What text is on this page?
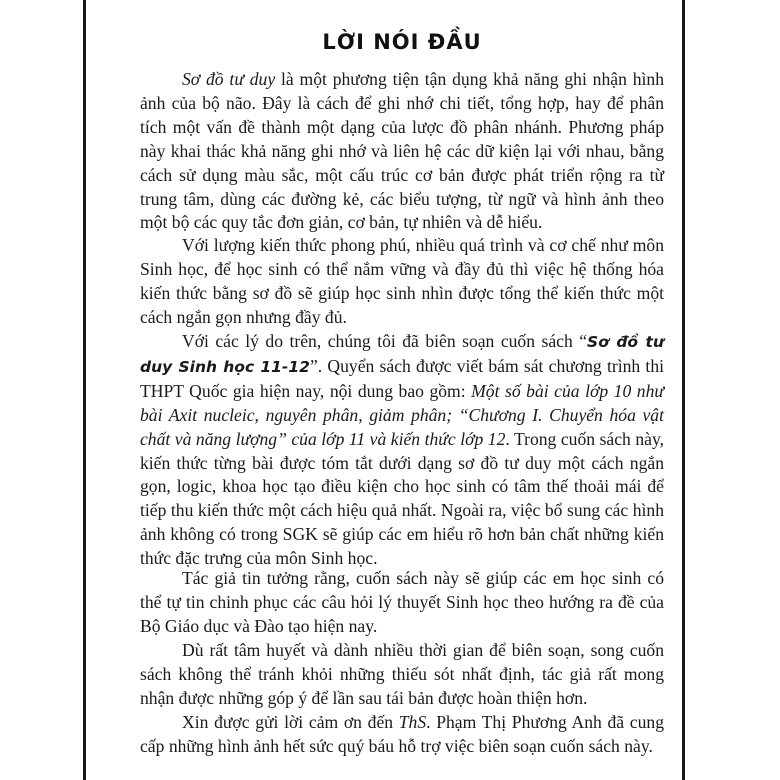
LỜI NÓI ĐẦU

Sơ đồ tư duy là một phương tiện tận dụng khả năng ghi nhận hình ảnh của bộ não. Đây là cách để ghi nhớ chi tiết, tổng hợp, hay để phân tích một vấn đề thành một dạng của lược đồ phân nhánh. Phương pháp này khai thác khả năng ghi nhớ và liên hệ các dữ kiện lại với nhau, bằng cách sử dụng màu sắc, một cấu trúc cơ bản được phát triển rộng ra từ trung tâm, dùng các đường kẻ, các biểu tượng, từ ngữ và hình ảnh theo một bộ các quy tắc đơn giản, cơ bản, tự nhiên và dễ hiểu.

Với lượng kiến thức phong phú, nhiều quá trình và cơ chế như môn Sinh học, để học sinh có thể nắm vững và đầy đủ thì việc hệ thống hóa kiến thức bằng sơ đồ sẽ giúp học sinh nhìn được tổng thể kiến thức một cách ngắn gọn nhưng đầy đủ.

Với các lý do trên, chúng tôi đã biên soạn cuốn sách “Sơ đồ tư duy Sinh học 11-12”. Quyển sách được viết bám sát chương trình thi THPT Quốc gia hiện nay, nội dung bao gồm: Một số bài của lớp 10 như bài Axit nucleic, nguyên phân, giảm phân; “Chương I. Chuyển hóa vật chất và năng lượng” của lớp 11 và kiến thức lớp 12. Trong cuốn sách này, kiến thức từng bài được tóm tắt dưới dạng sơ đồ tư duy một cách ngắn gọn, logic, khoa học tạo điều kiện cho học sinh có tâm thế thoải mái để tiếp thu kiến thức một cách hiệu quả nhất. Ngoài ra, việc bổ sung các hình ảnh không có trong SGK sẽ giúp các em hiểu rõ hơn bản chất những kiến thức đặc trưng của môn Sinh học.

Tác giả tin tưởng rằng, cuốn sách này sẽ giúp các em học sinh có thể tự tin chinh phục các câu hỏi lý thuyết Sinh học theo hướng ra đề của Bộ Giáo dục và Đào tạo hiện nay.

Dù rất tâm huyết và dành nhiều thời gian để biên soạn, song cuốn sách không thể tránh khỏi những thiếu sót nhất định, tác giả rất mong nhận được những góp ý để lần sau tái bản được hoàn thiện hơn.

Xin được gửi lời cảm ơn đến ThS. Phạm Thị Phương Anh đã cung cấp những hình ảnh hết sức quý báu hỗ trợ việc biên soạn cuốn sách này.
